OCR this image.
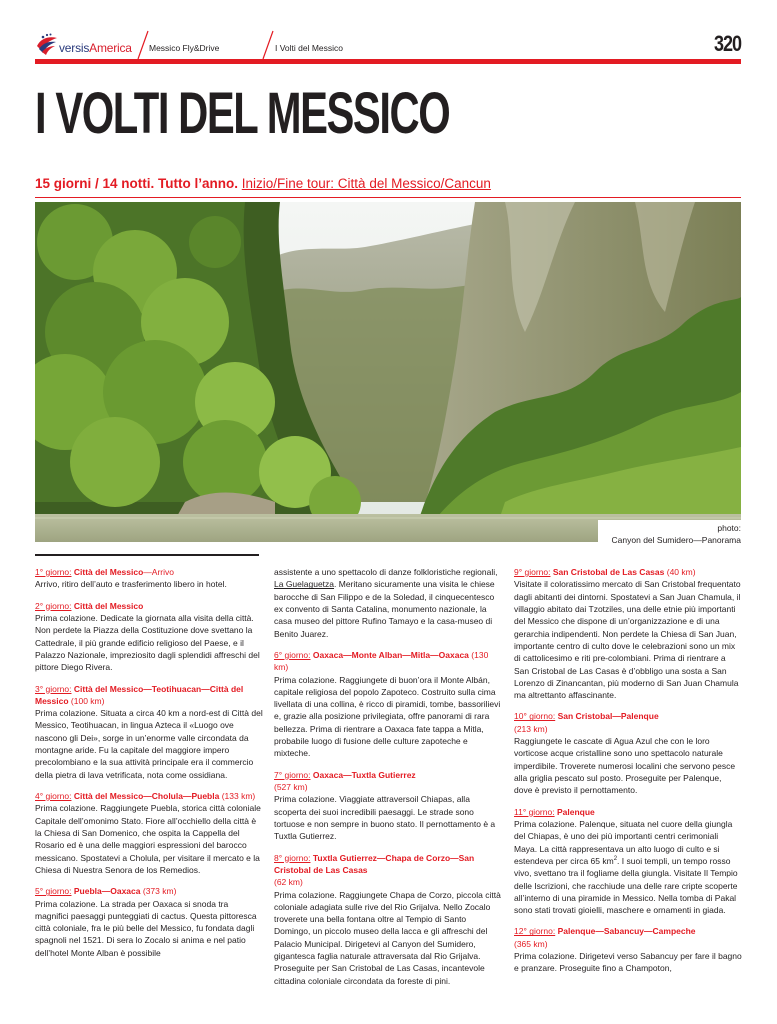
versisAmerica Messico Fly&Drive	I Volti del Messico	320
I VOLTI DEL MESSICO
15 giorni / 14 notti. Tutto l’anno. Inizio/Fine tour: Città del Messico/Cancun
photo:
Canyon del Sumidero—Panorama
1° giorno: Città del Messico—Arrivo
Arrivo, ritiro dell’auto e trasferimento libero in hotel.
2° giorno: Città del Messico
Prima colazione. Dedicate la giornata alla visita della città. Non perdete la Piazza della Costituzione dove svettano la Cattedrale, il più grande edificio religioso del Paese, e il Palazzo Nazionale, impreziosito dagli splendidi affreschi del pittore Diego Rivera.
3° giorno: Città del Messico—Teotihuacan—Città del Messico (100 km)
Prima colazione. Situata a circa 40 km a nord-est di Città del Messico, Teotihuacan, in lingua Azteca il «Luogo ove nascono gli Dei», sorge in un’enorme valle circondata da montagne aride. Fu la capitale del maggiore impero precolombiano e la sua attività principale era il commercio della pietra di lava vetrificata, nota come ossidiana.
4° giorno: Città del Messico—Cholula—Puebla (133 km)
Prima colazione. Raggiungete Puebla, storica città coloniale Capitale dell’omonimo Stato. Fiore all’occhiello della città è la Chiesa di San Domenico, che ospita la Cappella del Rosario ed è una delle maggiori espressioni del barocco messicano. Spostatevi a Cholula, per visitare il mercato e la Chiesa di Nuestra Senora de los Remedios.
5° giorno: Puebla—Oaxaca (373 km)
Prima colazione. La strada per Oaxaca si snoda tra magnifici paesaggi punteggiati di cactus. Questa pittoresca città coloniale, fra le più belle del Messico, fu fondata dagli spagnoli nel 1521. Di sera lo Zocalo si anima e nel patio dell’hotel Monte Alban è possibile
assistente a uno spettacolo di danze folkloristiche regionali, La Guelaguetza. Meritano sicuramente una visita le chiese barocche di San Filippo e de la Soledad, il cinquecentesco ex convento di Santa Catalina, monumento nazionale, la casa museo del pittore Rufino Tamayo e la casa-museo di Benito Juarez.
6° giorno: Oaxaca—Monte Alban—Mitla—Oaxaca (130 km)
Prima colazione. Raggiungete di buon’ora il Monte Albán, capitale religiosa del popolo Zapoteco. Costruito sulla cima livellata di una collina, è ricco di piramidi, tombe, bassorilievi e, grazie alla posizione privilegiata, offre panorami di rara bellezza. Prima di rientrare a Oaxaca fate tappa a Mitla, probabile luogo di fusione delle culture zapoteche e mixteche.
7° giorno: Oaxaca—Tuxtla Gutierrez
(527 km)
Prima colazione. Viaggiate attraversoil Chiapas, alla scoperta dei suoi incredibili paesaggi. Le strade sono tortuose e non sempre in buono stato. Il pernottamento è a Tuxtla Gutierrez.
8° giorno: Tuxtla Gutierrez—Chapa de Corzo—San Cristobal de Las Casas
(62 km)
Prima colazione. Raggiungete Chapa de Corzo, piccola città coloniale adagiata sulle rive del Rio Grijalva. Nello Zocalo troverete una bella fontana oltre al Tempio di Santo Domingo, un piccolo museo della lacca e gli affreschi del Palacio Municipal. Dirigetevi al Canyon del Sumidero, gigantesca faglia naturale attraversata dal Rio Grijalva. Proseguite per San Cristobal de Las Casas, incantevole cittadina coloniale circondata da foreste di pini.
9° giorno: San Cristobal de Las Casas (40 km)
Visitate il coloratissimo mercato di San Cristobal frequentato dagli abitanti dei dintorni. Spostatevi a San Juan Chamula, il villaggio abitato dai Tzotziles, una delle etnie più importanti del Messico che dispone di un’organizzazione e di una gerarchia indipendenti. Non perdete la Chiesa di San Juan, importante centro di culto dove le celebrazioni sono un mix di cattolicesimo e riti pre-colombiani. Prima di rientrare a San Cristobal de Las Casas è d’obbligo una sosta a San Lorenzo di Zinancantan, più moderno di San Juan Chamula ma altrettanto affascinante.
10° giorno: San Cristobal—Palenque
(213 km)
Raggiungete le cascate di Agua Azul che con le loro vorticose acque cristalline sono uno spettacolo naturale imperdibile. Troverete numerosi localini che servono pesce alla griglia pescato sul posto. Proseguite per Palenque, dove è previsto il pernottamento.
11° giorno: Palenque
Prima colazione. Palenque, situata nel cuore della giungla del Chiapas, è uno dei più importanti centri cerimoniali Maya. La città rappresentava un alto luogo di culto e si estendeva per circa 65 $km^2$. I suoi templi, un tempo rosso vivo, svettano tra il fogliame della giungla. Visitate Il Tempio delle Iscrizioni, che racchiude una delle rare cripte scoperte all’interno di una piramide in Messico. Nella tomba di Pakal sono stati trovati gioielli, maschere e ornamenti in giada.
12° giorno: Palenque—Sabancuy—Campeche
(365 km)
Prima colazione. Dirigetevi verso Sabancuy per fare il bagno e pranzare. Proseguite fino a Champoton,
